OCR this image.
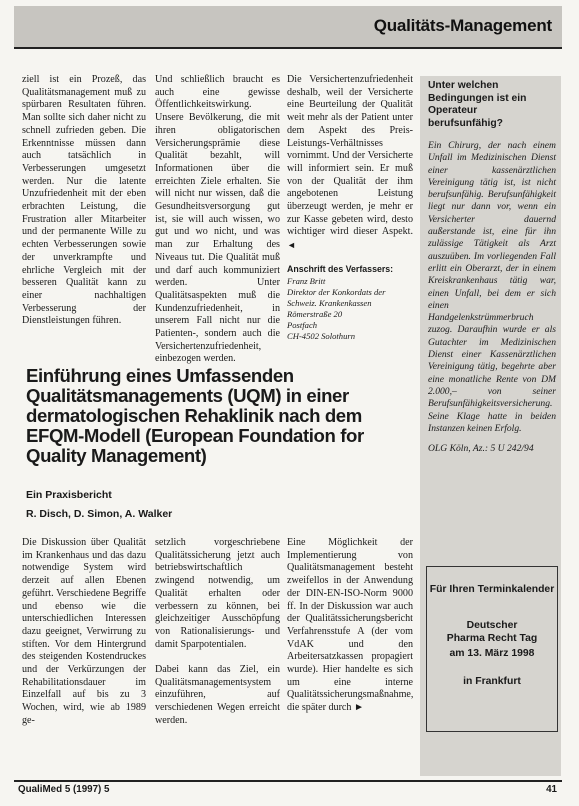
Qualitäts-Management

ziell ist ein Prozeß, das Qualitätsmanagement muß zu spürbaren Resultaten führen. Man sollte sich daher nicht zu schnell zufrieden geben. Die Erkenntnisse müssen dann auch tatsächlich in Verbesserungen umgesetzt werden. Nur die latente Unzufriedenheit mit der eben erbrachten Leistung, die Frustration aller Mitarbeiter und der permanente Wille zu echten Verbesserungen sowie der unverkrampfte und ehrliche Vergleich mit der besseren Qualität kann zu einer nachhaltigen Verbesserung der Dienstleistungen führen.

Und schließlich braucht es auch eine gewisse Öffentlichkeitswirkung. Unsere Bevölkerung, die mit ihren obligatorischen Versicherungsprämie diese Qualität bezahlt, will Informationen über die erreichten Ziele erhalten. Sie will nicht nur wissen, daß die Gesundheitsversorgung gut ist, sie will auch wissen, wo gut und wo nicht, und was man zur Erhaltung des Niveaus tut. Die Qualität muß und darf auch kommuniziert werden. Unter Qualitätsaspekten muß die Kundenzufriedenheit, in unserem Fall nicht nur die Patienten-, sondern auch die Versichertenzufriedenheit, einbezogen werden.

Die Versichertenzufriedenheit deshalb, weil der Versicherte eine Beurteilung der Qualität weit mehr als der Patient unter dem Aspekt des Preis-Leistungs-Verhältnisses vornimmt. Und der Versicherte will informiert sein. Er muß von der Qualität der ihm angebotenen Leistung überzeugt werden, je mehr er zur Kasse gebeten wird, desto wichtiger wird dieser Aspekt. ◄
Anschrift des Verfassers:
Franz Britt
Direktor der Konkordats der
Schweiz. Krankenkassen
Römerstraße 20
Postfach
CH-4502 Solothurn

Unter welchen Bedingungen ist ein Operateur berufsunfähig?

Ein Chirurg, der nach einem Unfall im Medizinischen Dienst einer kassenärztlichen Vereinigung tätig ist, ist nicht berufsunfähig. Berufsunfähigkeit liegt nur dann vor, wenn ein Versicherter dauernd außerstande ist, eine für ihn zulässige Tätigkeit als Arzt auszuüben. Im vorliegenden Fall erlitt ein Oberarzt, der in einem Kreiskrankenhaus tätig war, einen Unfall, bei dem er sich einen Handgelenkstrümmerbruch zuzog. Daraufhin wurde er als Gutachter im Medizinischen Dienst einer Kassenärztlichen Vereinigung tätig, begehrte aber eine monatliche Rente von DM 2.000,– von seiner Berufsunfähigkeitsversicherung. Seine Klage hatte in beiden Instanzen keinen Erfolg.
OLG Köln, Az.: 5 U 242/94
Für Ihren Terminkalender
Deutscher
Pharma Recht Tag
am 13. März 1998
in Frankfurt
Einführung eines Umfassenden Qualitätsmanagements (UQM) in einer dermatologischen Rehaklinik nach dem EFQM-Modell (European Foundation for Quality Management)

Ein Praxisbericht

R. Disch, D. Simon, A. Walker

Die Diskussion über Qualität im Krankenhaus und das dazu notwendige System wird derzeit auf allen Ebenen geführt. Verschiedene Begriffe und ebenso wie die unterschiedlichen Interessen dazu geeignet, Verwirrung zu stiften. Vor dem Hintergrund des steigenden Kostendruckes und der Verkürzungen der Rehabilitationsdauer im Einzelfall auf bis zu 3 Wochen, wird, wie ab 1989 ge-

setzlich vorgeschriebene Qualitätssicherung jetzt auch betriebswirtschaftlich zwingend notwendig, um Qualität erhalten oder verbessern zu können, bei gleichzeitiger Ausschöpfung von Rationalisierungs- und damit Sparpotentialen.

Dabei kann das Ziel, ein Qualitätsmanagementsystem einzuführen, auf verschiedenen Wegen erreicht werden.

Eine Möglichkeit der Implementierung von Qualitätsmanagement besteht zweifellos in der Anwendung der DIN-EN-ISO-Norm 9000 ff. In der Diskussion war auch der Qualitätssicherungsbericht Verfahrensstufe A (der vom VdAK und den Arbeitersatzkassen propagiert wurde). Hier handelte es sich um eine interne Qualitätssicherungsmaßnahme, die später durch ►
QualiMed 5 (1997) 5	41
